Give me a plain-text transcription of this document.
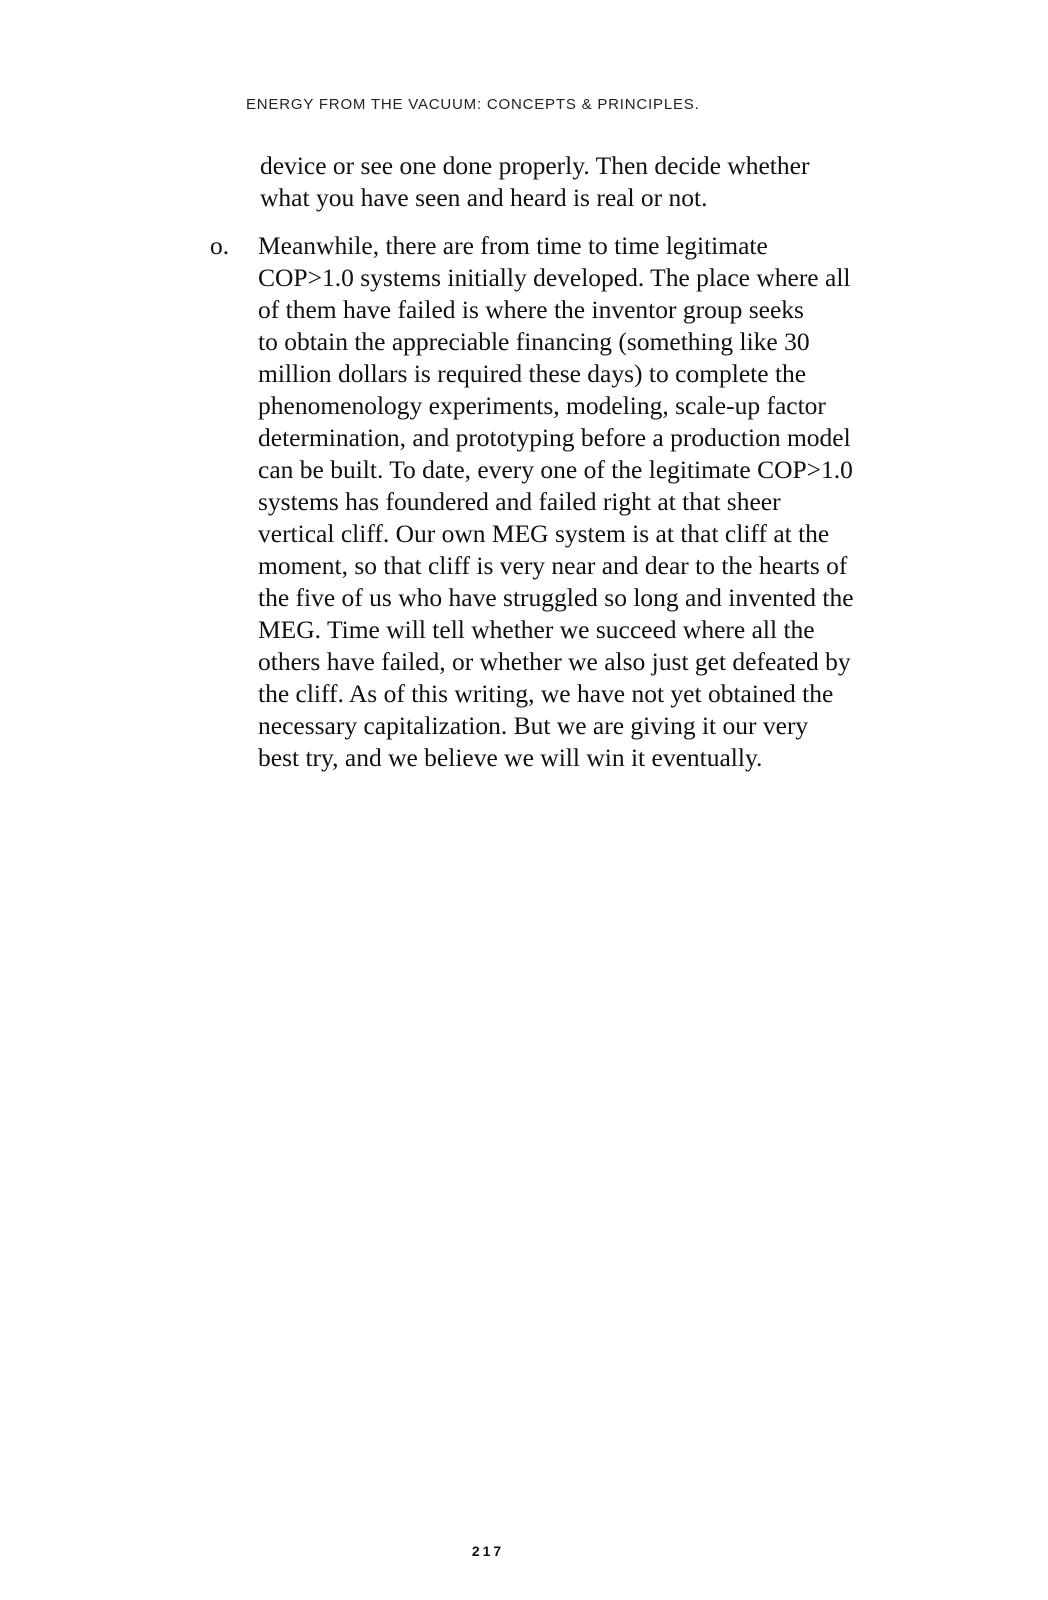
ENERGY FROM THE VACUUM: CONCEPTS & PRINCIPLES.
device or see one done properly. Then decide whether
what you have seen and heard is real or not.
o. Meanwhile, there are from time to time legitimate
COP>1.0 systems initially developed. The place where all
of them have failed is where the inventor group seeks
to obtain the appreciable financing (something like 30
million dollars is required these days) to complete the
phenomenology experiments, modeling, scale-up factor
determination, and prototyping before a production model
can be built. To date, every one of the legitimate COP>1.0
systems has foundered and failed right at that sheer
vertical cliff. Our own MEG system is at that cliff at the
moment, so that cliff is very near and dear to the hearts of
the five of us who have struggled so long and invented the
MEG. Time will tell whether we succeed where all the
others have failed, or whether we also just get defeated by
the cliff. As of this writing, we have not yet obtained the
necessary capitalization. But we are giving it our very
best try, and we believe we will win it eventually.
217
